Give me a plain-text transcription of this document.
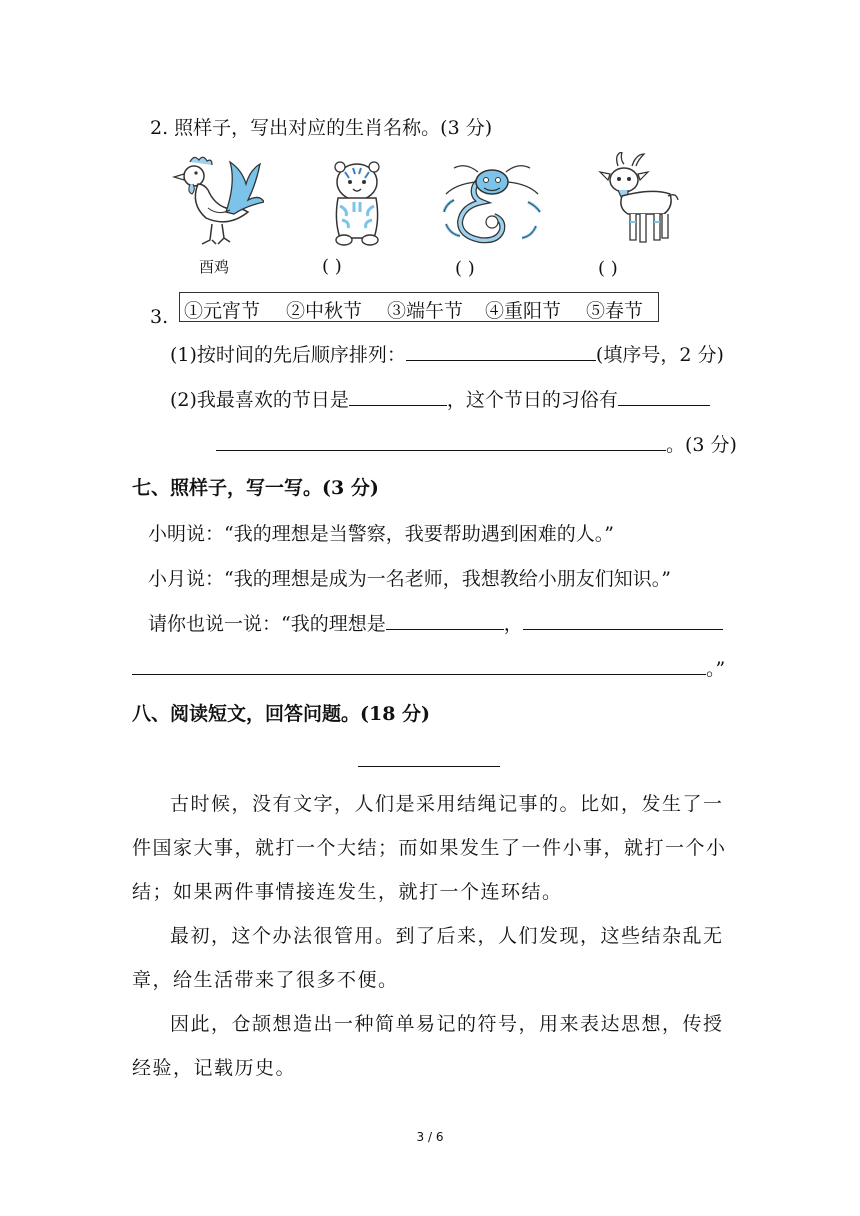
2. 照样子，写出对应的生肖名称。(3 分)
酉鸡	( )	( )	( )
3. ①元宵节 ②中秋节 ③端午节 ④重阳节 ⑤春节
(1)按时间的先后顺序排列：	(填序号，2 分)
(2)我最喜欢的节日是	，这个节日的习俗有
。(3 分)
七、照样子，写一写。(3 分)
小明说：“我的理想是当警察，我要帮助遇到困难的人。”
小月说：“我的理想是成为一名老师，我想教给小朋友们知识。”
请你也说一说：“我的理想是	，
。”
八、阅读短文，回答问题。(18 分)

古时候，没有文字，人们是采用结绳记事的。比如，发生了一件国家大事，就打一个大结；而如果发生了一件小事，就打一个小结；如果两件事情接连发生，就打一个连环结。

最初，这个办法很管用。到了后来，人们发现，这些结杂乱无章，给生活带来了很多不便。

因此，仓颉想造出一种简单易记的符号，用来表达思想，传授经验，记载历史。

3 / 6
